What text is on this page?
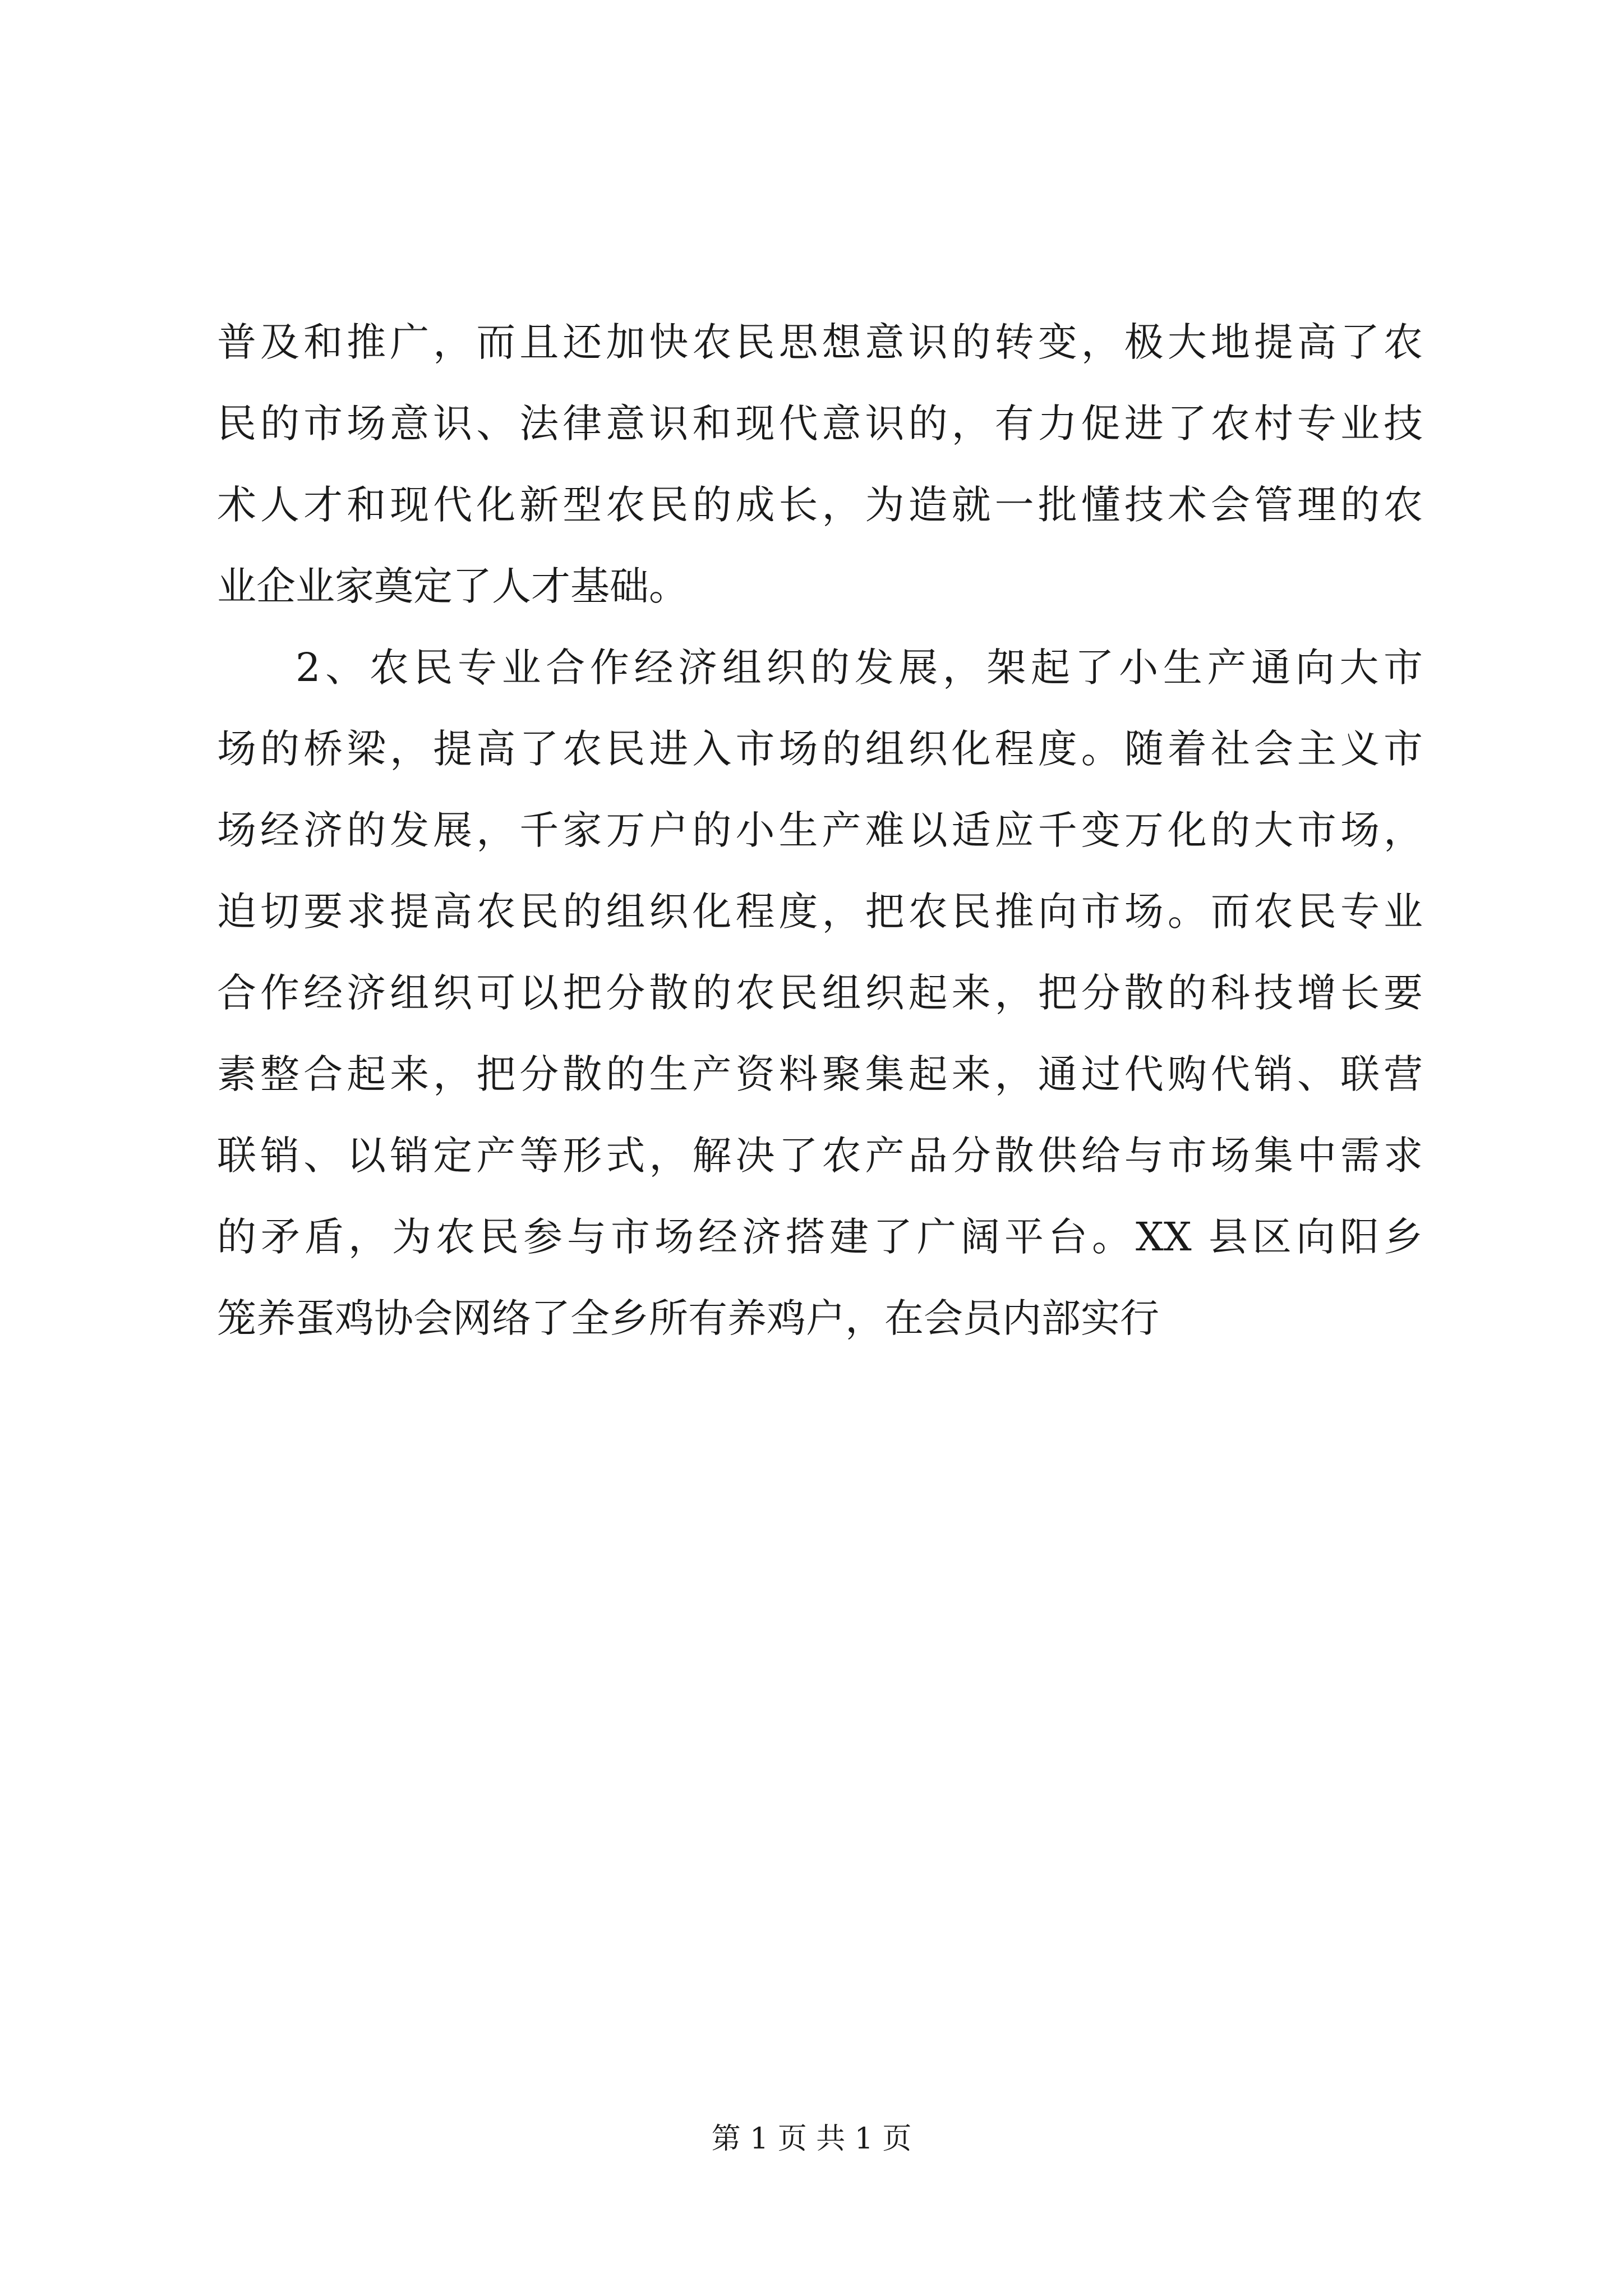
普及和推广，而且还加快农民思想意识的转变，极大地提高了农
民的市场意识、法律意识和现代意识的，有力促进了农村专业技
术人才和现代化新型农民的成长，为造就一批懂技术会管理的农
业企业家奠定了人才基础。
2、农民专业合作经济组织的发展，架起了小生产通向大市
场的桥梁，提高了农民进入市场的组织化程度。随着社会主义市
场经济的发展，千家万户的小生产难以适应千变万化的大市场，
迫切要求提高农民的组织化程度，把农民推向市场。而农民专业
合作经济组织可以把分散的农民组织起来，把分散的科技增长要
素整合起来，把分散的生产资料聚集起来，通过代购代销、联营
联销、以销定产等形式，解决了农产品分散供给与市场集中需求
的矛盾，为农民参与市场经济搭建了广阔平台。XX 县区向阳乡
笼养蛋鸡协会网络了全乡所有养鸡户，在会员内部实行
第 1 页 共 1 页
